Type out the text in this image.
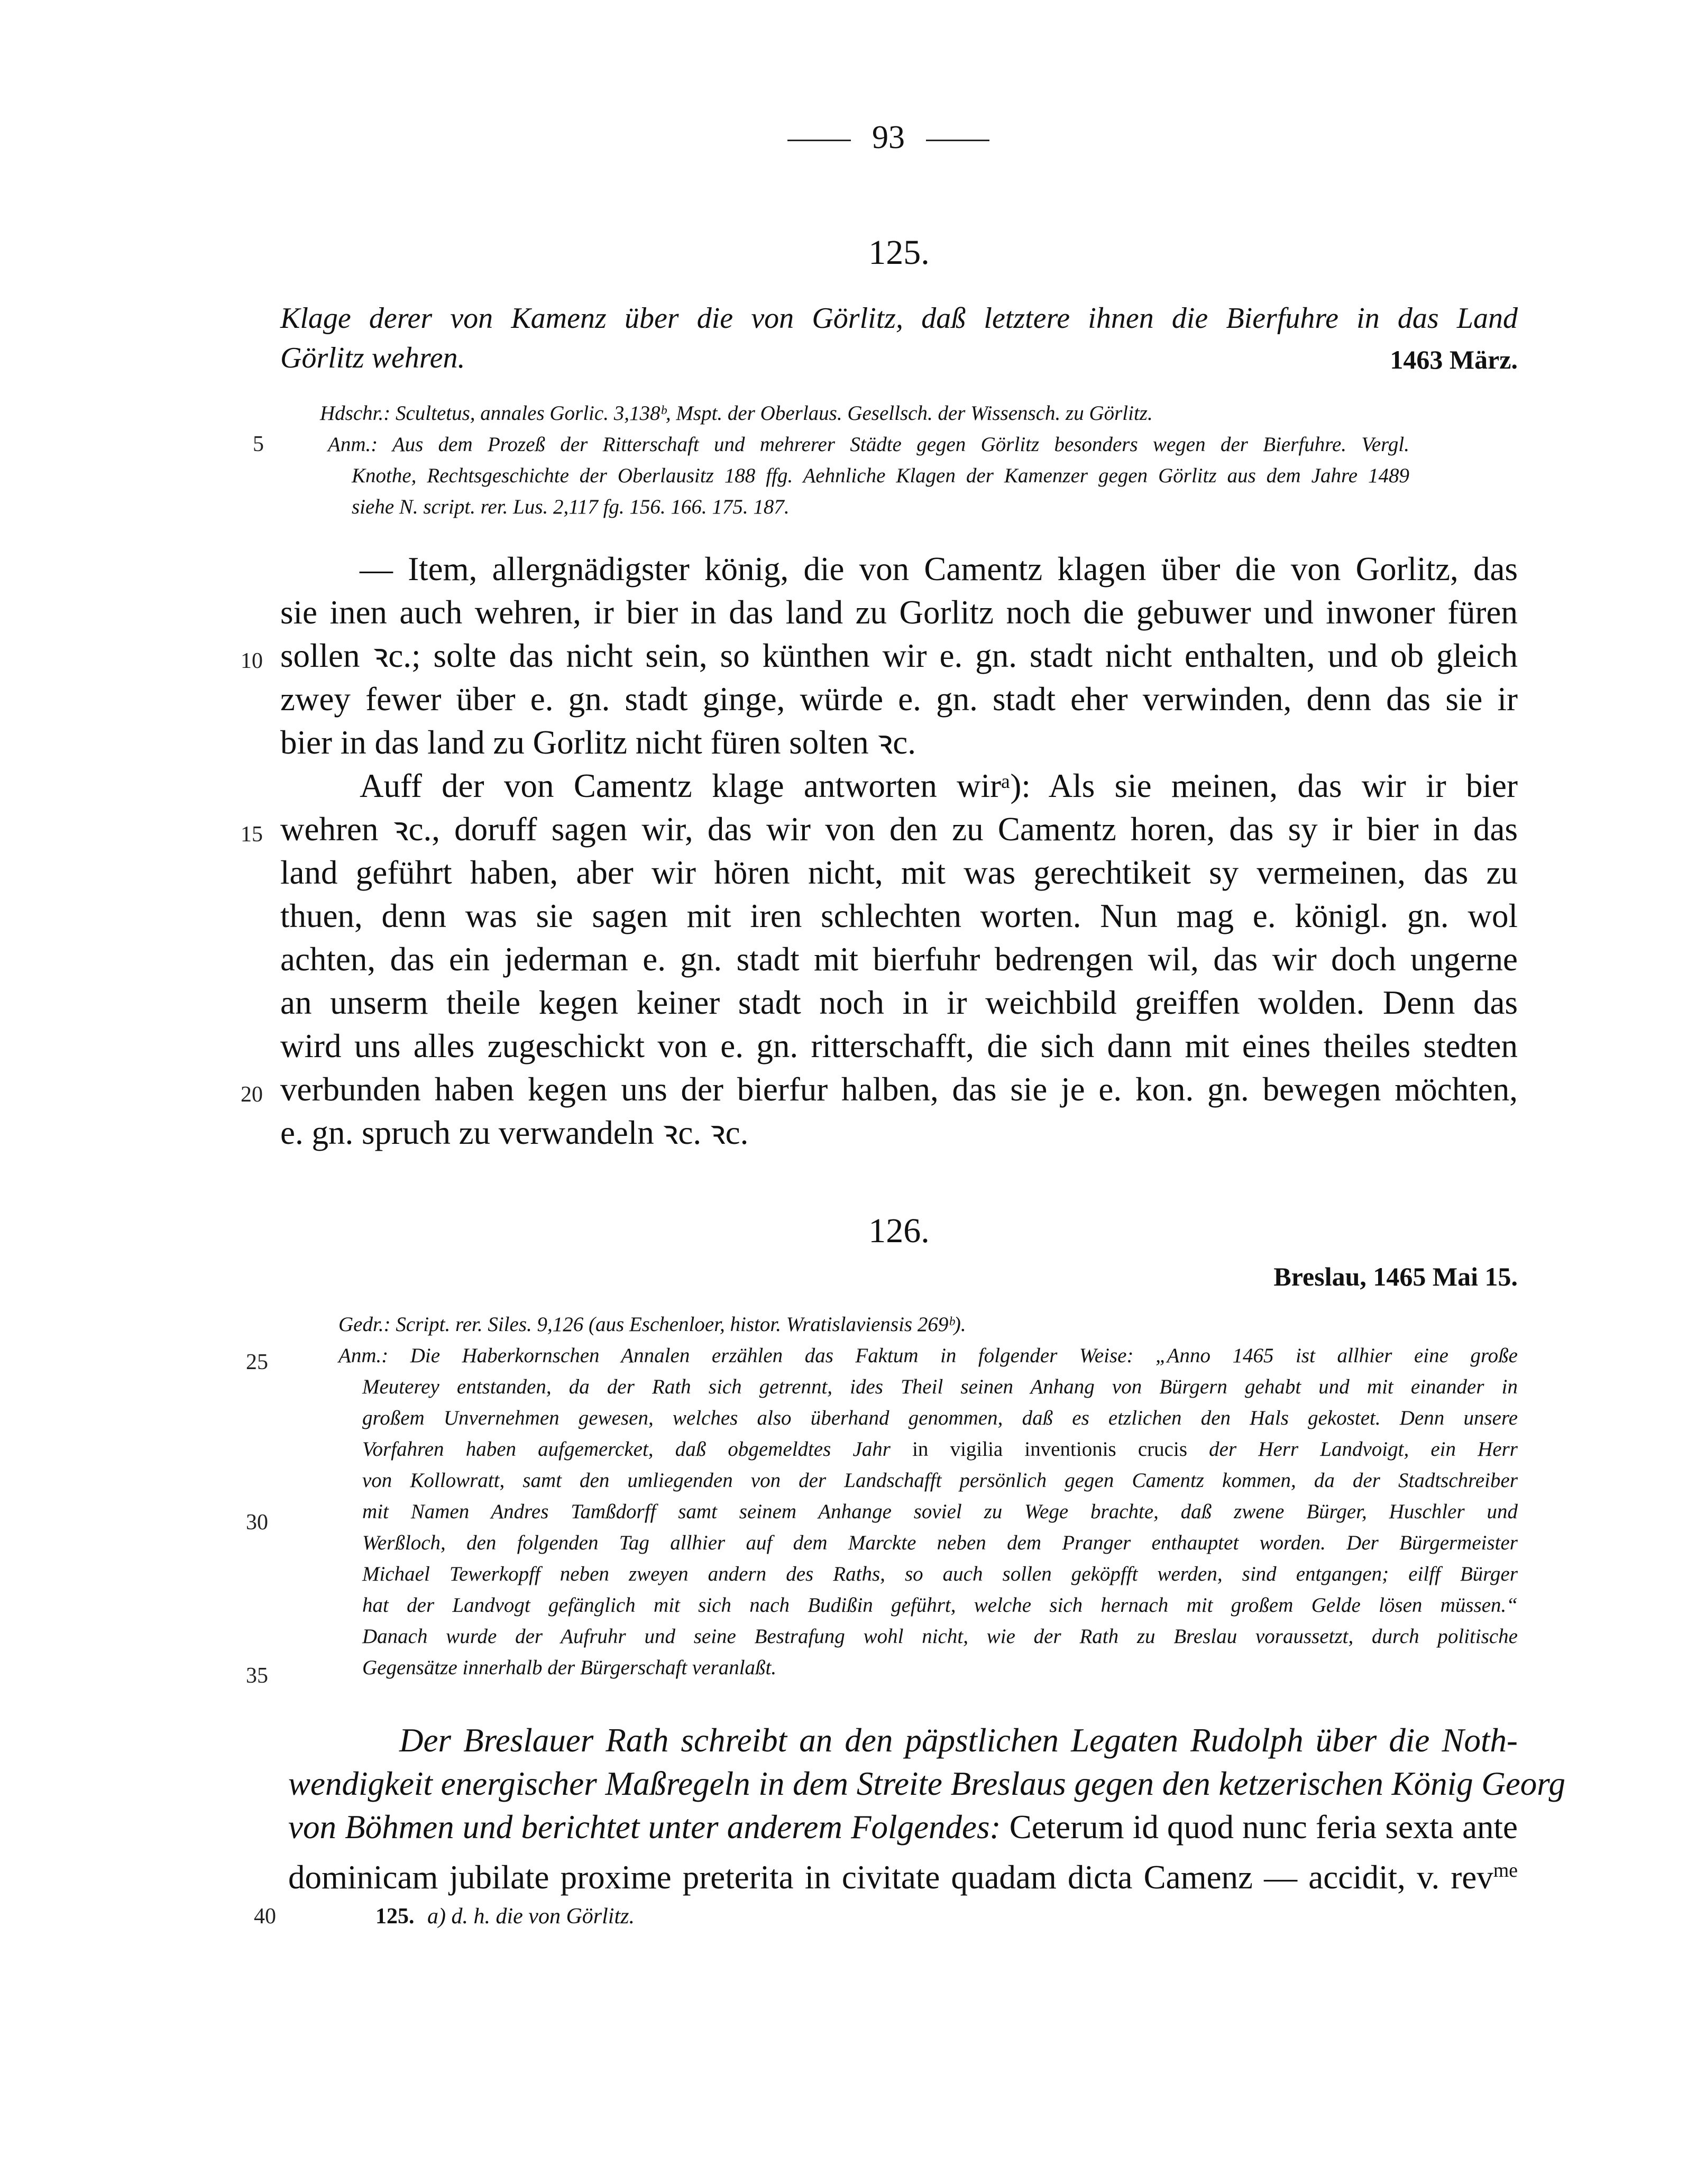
93
125.
Klage derer von Kamenz über die von Görlitz, daß letztere ihnen die Bierfuhre in das Land
Görlitz wehren.	1463 März.
Hdschr.: Scultetus, annales Gorlic. 3,138ᵇ, Mspt. der Oberlaus. Gesellsch. der Wissensch. zu Görlitz.
Anm.: Aus dem Prozeß der Ritterschaft und mehrerer Städte gegen Görlitz besonders wegen der Bierfuhre. Vergl.
Knothe, Rechtsgeschichte der Oberlausitz 188 ffg. Aehnliche Klagen der Kamenzer gegen Görlitz aus dem Jahre 1489
siehe N. script. rer. Lus. 2,117 fg. 156. 166. 175. 187.
— Item, allergnädigster könig, die von Camentz klagen über die von Gorlitz, das
sie inen auch wehren, ir bier in das land zu Gorlitz noch die gebuwer und inwoner füren
sollen ꝛc.; solte das nicht sein, so künthen wir e. gn. stadt nicht enthalten, und ob gleich
zwey fewer über e. gn. stadt ginge, würde e. gn. stadt eher verwinden, denn das sie ir
bier in das land zu Gorlitz nicht füren solten ꝛc.
Auff der von Camentz klage antworten wirᵃ): Als sie meinen, das wir ir bier
wehren ꝛc., doruff sagen wir, das wir von den zu Camentz horen, das sy ir bier in das
land geführt haben, aber wir hören nicht, mit was gerechtikeit sy vermeinen, das zu
thuen, denn was sie sagen mit iren schlechten worten. Nun mag e. königl. gn. wol
achten, das ein jederman e. gn. stadt mit bierfuhr bedrengen wil, das wir doch ungerne
an unserm theile kegen keiner stadt noch in ir weichbild greiffen wolden. Denn das
wird uns alles zugeschickt von e. gn. ritterschafft, die sich dann mit eines theiles stedten
verbunden haben kegen uns der bierfur halben, das sie je e. kon. gn. bewegen möchten,
e. gn. spruch zu verwandeln ꝛc. ꝛc.
126.
Breslau, 1465 Mai 15.
Gedr.: Script. rer. Siles. 9,126 (aus Eschenloer, histor. Wratislaviensis 269ᵇ).
Anm.: Die Haberkornschen Annalen erzählen das Faktum in folgender Weise: „Anno 1465 ist allhier eine große
Meuterey entstanden, da der Rath sich getrennt, ides Theil seinen Anhang von Bürgern gehabt und mit einander in
großem Unvernehmen gewesen, welches also überhand genommen, daß es etzlichen den Hals gekostet. Denn unsere
Vorfahren haben aufgemercket, daß obgemeldtes Jahr in vigilia inventionis crucis der Herr Landvoigt, ein Herr
von Kollowratt, samt den umliegenden von der Landschafft persönlich gegen Camentz kommen, da der Stadtschreiber
mit Namen Andres Tamßdorff samt seinem Anhange soviel zu Wege brachte, daß zwene Bürger, Huschler und
Werßloch, den folgenden Tag allhier auf dem Marckte neben dem Pranger enthauptet worden. Der Bürgermeister
Michael Tewerkopff neben zweyen andern des Raths, so auch sollen geköpfft werden, sind entgangen; eilff Bürger
hat der Landvogt gefänglich mit sich nach Budißin geführt, welche sich hernach mit großem Gelde lösen müssen.“
Danach wurde der Aufruhr und seine Bestrafung wohl nicht, wie der Rath zu Breslau voraussetzt, durch politische
Gegensätze innerhalb der Bürgerschaft veranlaßt.
Der Breslauer Rath schreibt an den päpstlichen Legaten Rudolph über die Noth-
wendigkeit energischer Maßregeln in dem Streite Breslaus gegen den ketzerischen König Georg
von Böhmen und berichtet unter anderem Folgendes: Ceterum id quod nunc feria sexta ante
dominicam jubilate proxime preterita in civitate quadam dicta Camenz — accidit, v. rev$^{me}$
125. a) d. h. die von Görlitz.
5
10
15
20
25
30
35
40
